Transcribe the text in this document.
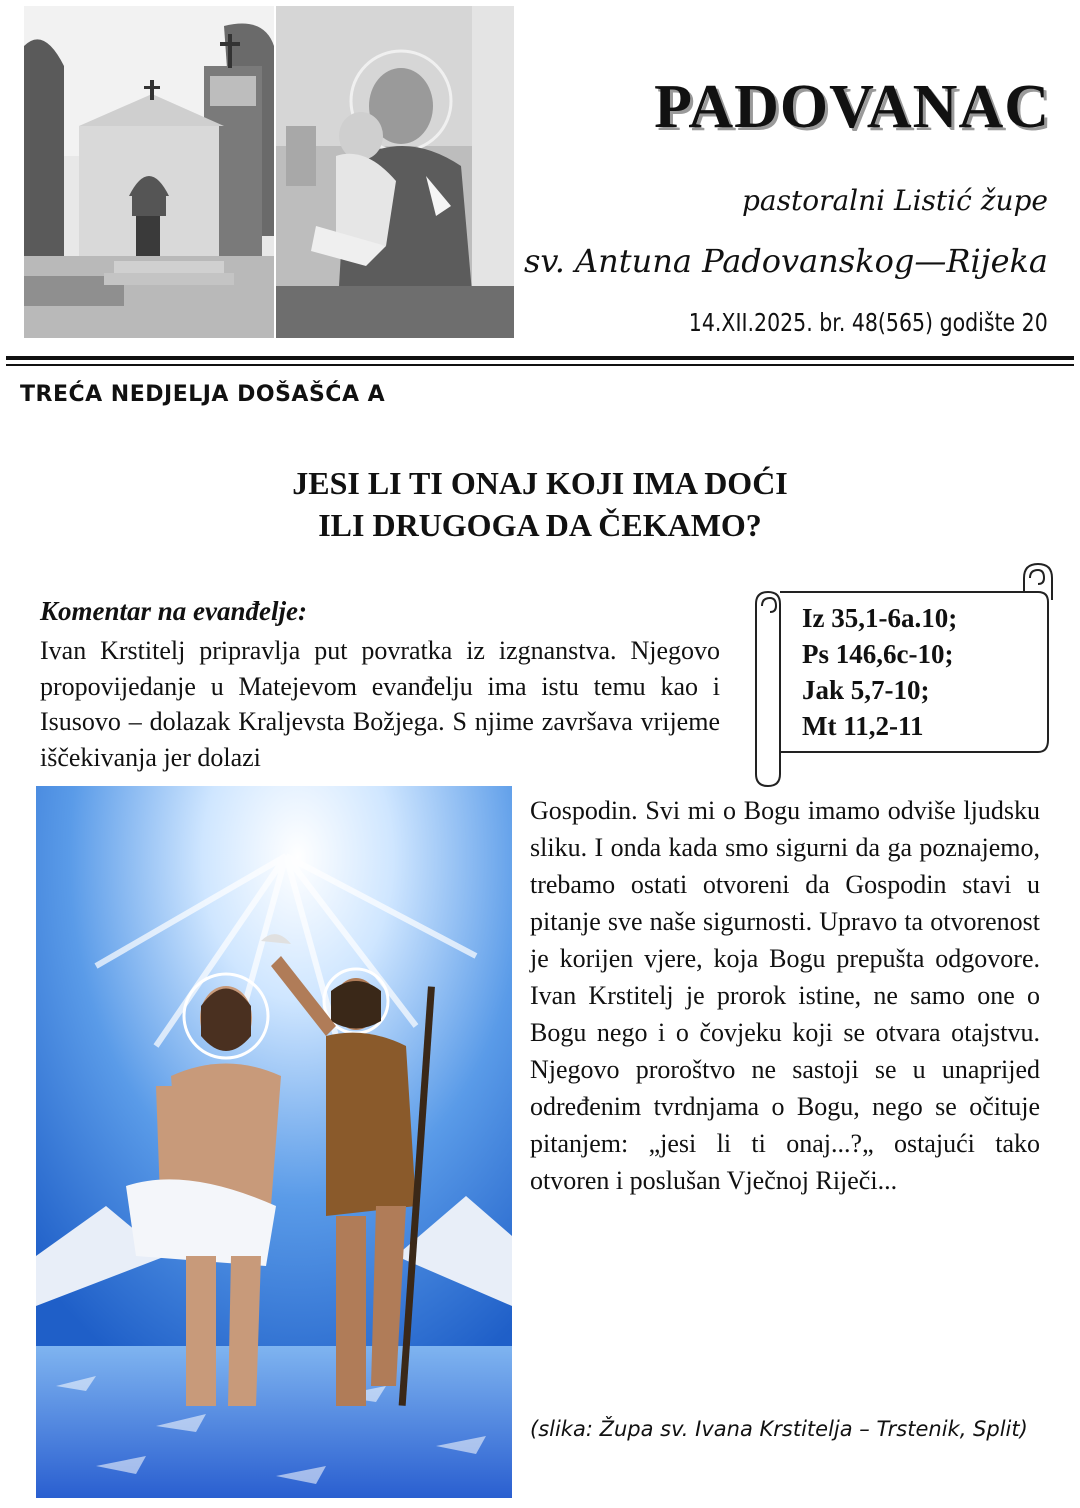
PADOVANAC
pastoralni Listić župe
sv. Antuna Padovanskog—Rijeka
14.XII.2025. br. 48(565) godište 20
TREĆA NEDJELJA DOŠAŠĆA A
JESI LI TI ONAJ KOJI IMA DOĆI
ILI DRUGOGA DA ČEKAMO?
Komentar na evanđelje:
Ivan Krstitelj pripravlja put povratka iz izgnanstva. Njegovo propovijedanje u Matejevom evanđelju ima istu temu kao i Isusovo – dolazak Kraljevsta Božjega. S njime završava vrijeme iščekivanja jer dolazi
Iz 35,1-6a.10;
Ps 146,6c-10;
Jak 5,7-10;
Mt 11,2-11
Gospodin. Svi mi o Bogu imamo odviše ljudsku sliku. I onda kada smo sigurni da ga poznajemo, trebamo ostati otvoreni da Gospodin stavi u pitanje sve naše sigurnosti. Upravo ta otvorenost je korijen vjere, koja Bogu prepušta odgovore. Ivan Krstitelj je prorok istine, ne samo one o Bogu nego i o čovjeku koji se otvara otajstvu. Njegovo proroštvo ne sastoji se u unaprijed određenim tvrdnjama o Bogu, nego se očituje pitanjem: „jesi li ti onaj...?„ ostajući tako otvoren i poslušan Vječnoj Riječi...
(slika: Župa sv. Ivana Krstitelja – Trstenik, Split)
